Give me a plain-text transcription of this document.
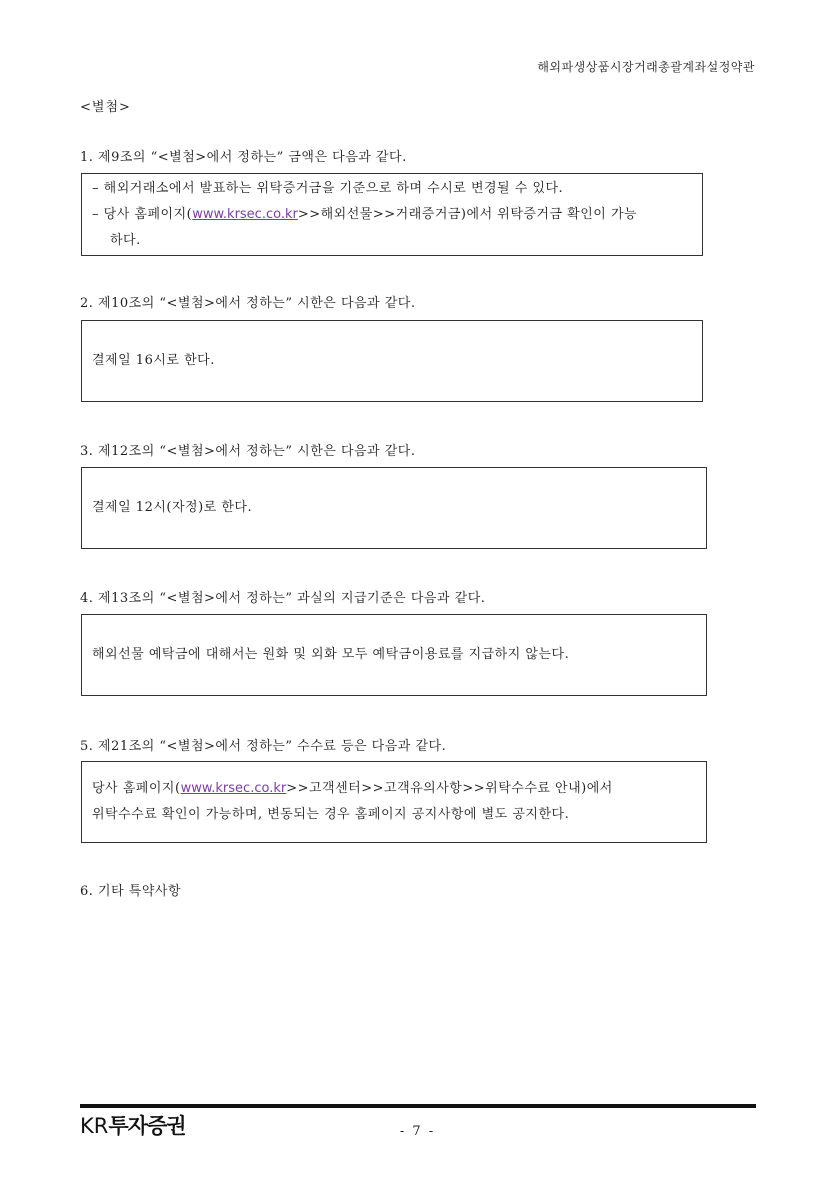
해외파생상품시장거래총괄계좌설정약관
<별첨>
1. 제9조의 “<별첨>에서 정하는” 금액은 다음과 같다.
– 해외거래소에서 발표하는 위탁증거금을 기준으로 하며 수시로 변경될 수 있다.
– 당사 홈페이지(www.krsec.co.kr>>해외선물>>거래증거금)에서 위탁증거금 확인이 가능
하다.
2. 제10조의 “<별첨>에서 정하는” 시한은 다음과 같다.
결제일 16시로 한다.
3. 제12조의 “<별첨>에서 정하는” 시한은 다음과 같다.
결제일 12시(자정)로 한다.
4. 제13조의 “<별첨>에서 정하는” 과실의 지급기준은 다음과 같다.
해외선물 예탁금에 대해서는 원화 및 외화 모두 예탁금이용료를 지급하지 않는다.
5. 제21조의 “<별첨>에서 정하는” 수수료 등은 다음과 같다.
당사 홈페이지(www.krsec.co.kr>>고객센터>>고객유의사항>>위탁수수료 안내)에서
위탁수수료 확인이 가능하며, 변동되는 경우 홈페이지 공지사항에 별도 공지한다.
6. 기타 특약사항
KR투자증권	- 7 -
